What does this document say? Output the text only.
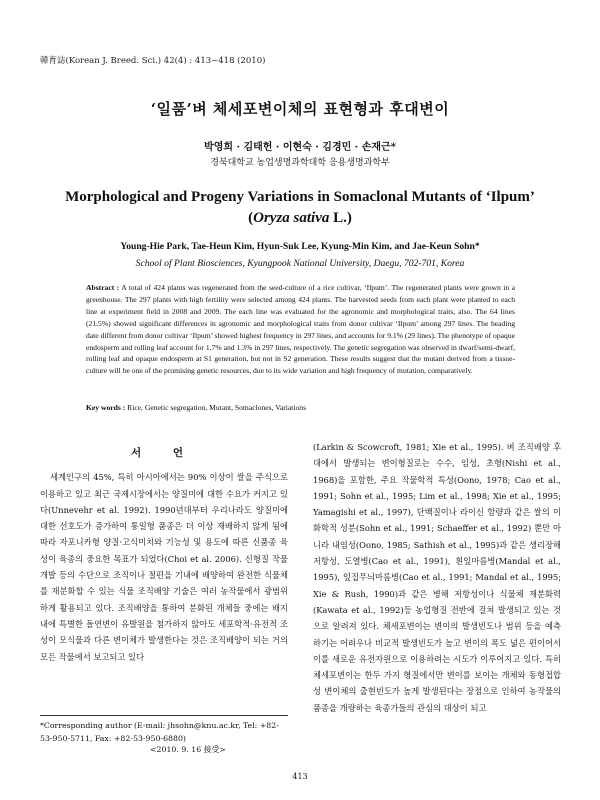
韓育誌(Korean J. Breed. Sci.) 42(4) : 413~418 (2010)
‘일품’벼 체세포변이체의 표현형과 후대변이
박영희 · 김태헌 · 이현숙 · 김경민 · 손재근*
경북대학교 농업생명과학대학 응용생명과학부
Morphological and Progeny Variations in Somaclonal Mutants of ‘Ilpum’ (Oryza sativa L.)
Young-Hie Park, Tae-Heun Kim, Hyun-Suk Lee, Kyung-Min Kim, and Jae-Keun Sohn*
School of Plant Biosciences, Kyungpook National University, Daegu, 702-701, Korea
Abstract : A total of 424 plants was regenerated from the seed-culture of a rice cultivar, ‘Ilpum’. The regenerated plants were grown in a greenhouse. The 297 plants with high fertility were selected among 424 plants. The harvested seeds from each plant were planted to each line at experiment field in 2008 and 2009. The each line was evaluated for the agronomic and morphological traits, also. The 64 lines (21.5%) showed significant differences in agronomic and morphological traits from donor cultivar ‘Ilpum’ among 297 lines. The heading date different from donor cultivar ‘Ilpum’ showed highest frequency in 297 lines, and accounts for 9.1% (29 lines). The phenotype of opaque endosperm and rolling leaf account for 1.7% and 1.3% in 297 lines, respectively. The genetic segregation was observed in dwarf/semi-dwarf, rolling leaf and opaque endosperm at S1 generation, but not in S2 generation. These results suggest that the mutant derived from a tissue-culture will be one of the promising genetic resources, due to its wide variation and high frequency of mutation, comparatively.
Key words : Rice, Genetic segregation, Mutant, Somaclones, Variations
서 언

세계인구의 45%, 특히 아시아에서는 90% 이상이 쌀을 주식으로 이용하고 있고 최근 국제시장에서는 양질미에 대한 수요가 커지고 있다(Unnevehr et al. 1992). 1990년대부터 우리나라도 양질미에 대한 선호도가 증가하여 통일형 품종은 더 이상 재배하지 않게 됨에 따라 자포니카형 양질·고식미치와 기능성 및 용도에 따른 신품종 육성이 육종의 중요한 목표가 되었다(Choi et al. 2006). 신형질 작물 개발 등의 수단으로 조직이나 절편을 기내에 배양하여 완전한 식물체를 재분화할 수 있는 식물 조직배양 기술은 여러 농작물에서 광범위하게 활용되고 있다. 조직배양을 통하여 분화된 개체들 중에는 배지 내에 특별한 돌연변이 유발원을 첨가하지 않아도 세포학적·유전적 조성이 모식물과 다른 변이체가 발생한다는 것은 조직배양이 되는 거의 모든 작물에서 보고되고 있다

(Larkin & Scowcroft, 1981; Xie et al., 1995). 벼 조직배양 후대에서 발생되는 변이형질로는 수수, 임성, 초형(Nishi et al., 1968)을 포함한, 주요 작물학적 특성(Oono, 1978; Cao et al., 1991; Sohn et al., 1995; Lim et al., 1998; Xie et al., 1995; Yamagishi et al., 1997), 단백질이나 라이신 함량과 같은 쌀의 이화학적 성분(Sohn et al., 1991; Schaeffer et al., 1992) 뿐만 아니라 내염성(Oono, 1985; Sathish et al., 1995)과 같은 생리장해 저항성, 도열병(Cao et al., 1991), 흰잎마름병(Mandal et al., 1995), 잎집무늬마름병(Cao et al., 1991; Mandal et al., 1995; Xie & Rush, 1990)과 같은 병해 저항성이나 식물체 재분화력(Kawata et al., 1992)등 농업형질 전반에 걸쳐 발생되고 있는 것으로 알려져 있다. 체세포변이는 변이의 발생빈도나 범위 등을 예측하기는 어려우나 비교적 발생빈도가 높고 변이의 폭도 넓은 편이어서 이를 새로운 유전자원으로 이용하려는 시도가 이루어지고 있다. 특히 체세포변이는 한두 가지 형질에서만 변이를 보이는 개체와 동형접합성 변이체의 출현빈도가 높게 발생된다는 장점으로 인하여 농작물의 품종을 개량하는 육종가들의 관심의 대상이 되고

*Corresponding author (E-mail: jhsohn@knu.ac.kr, Tel: +82-53-950-5711, Fax: +82-53-950-6880)
<2010. 9. 16 接受>
413
